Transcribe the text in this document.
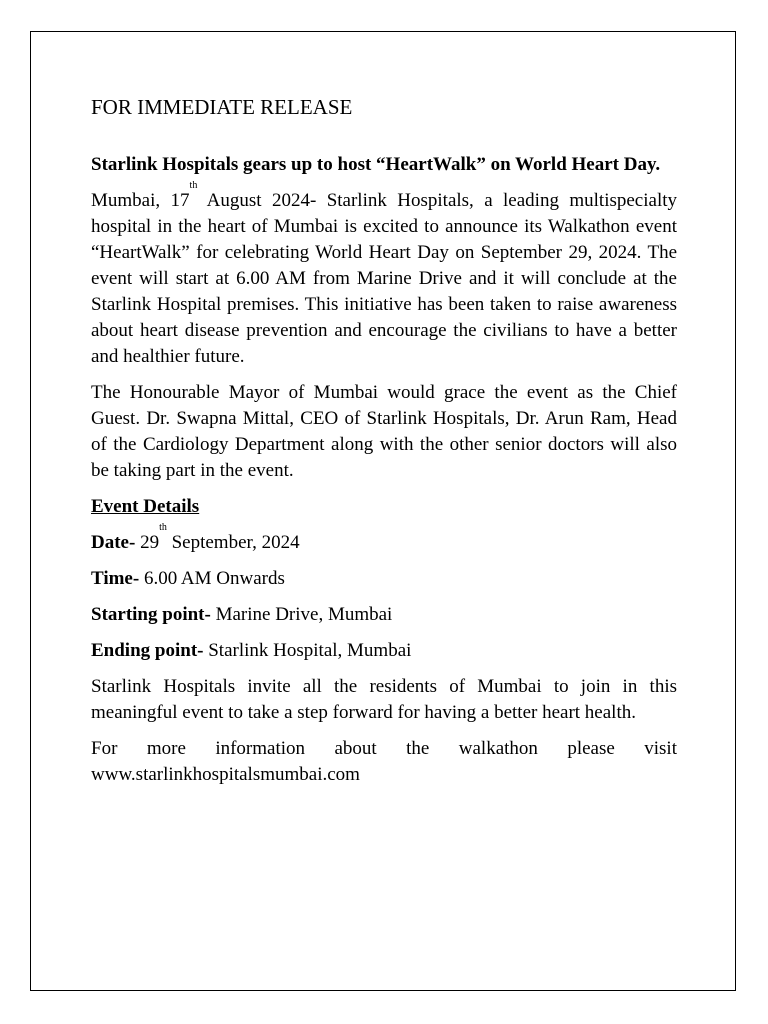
FOR IMMEDIATE RELEASE

Starlink Hospitals gears up to host “HeartWalk” on World Heart Day.

Mumbai, 17th August 2024- Starlink Hospitals, a leading multispecialty hospital in the heart of Mumbai is excited to announce its Walkathon event “HeartWalk” for celebrating World Heart Day on September 29, 2024. The event will start at 6.00 AM from Marine Drive and it will conclude at the Starlink Hospital premises. This initiative has been taken to raise awareness about heart disease prevention and encourage the civilians to have a better and healthier future.

The Honourable Mayor of Mumbai would grace the event as the Chief Guest. Dr. Swapna Mittal, CEO of Starlink Hospitals, Dr. Arun Ram, Head of the Cardiology Department along with the other senior doctors will also be taking part in the event.

Event Details

Date- 29th September, 2024

Time- 6.00 AM Onwards

Starting point- Marine Drive, Mumbai

Ending point- Starlink Hospital, Mumbai

Starlink Hospitals invite all the residents of Mumbai to join in this meaningful event to take a step forward for having a better heart health.

For more information about the walkathon please visit
www.starlinkhospitalsmumbai.com
